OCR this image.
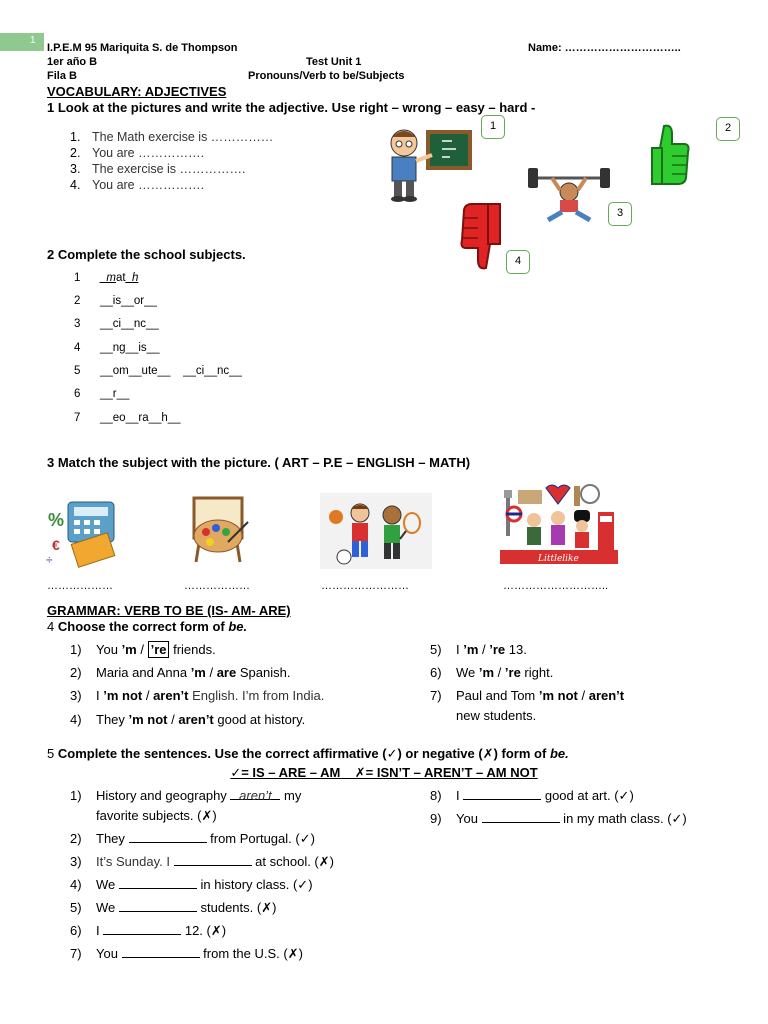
1
I.P.E.M 95 Mariquita S. de Thompson	Name: …………………………..
1er año B	Test Unit 1
Fila B	Pronouns/Verb to be/Subjects
VOCABULARY: ADJECTIVES
1 Look at the pictures and write the adjective. Use right – wrong – easy – hard -
1. The Math exercise is ……………
2. You are …………….
3. The exercise is …………….
4. You are …………….
1	2
3
4
2 Complete the school subjects.
1 _mat_h
2 __is__or__
3 __ci__nc__
4 __ng__is__
5 __om__ute__    __ci__nc__
6 __r__
7 __eo__ra__h__
3 Match the subject with the picture. ( ART – P.E – ENGLISH – MATH)
%
€
÷	Littlelike
………………	………………	……………………	………………………..
GRAMMAR: VERB TO BE (IS- AM- ARE)
4 Choose the correct form of be.
1) You ’m / ’re friends.
2) Maria and Anna ’m / are Spanish.
3) I ’m not / aren’t English. I’m from India.
4) They ’m not / aren’t good at history.
5) I ’m / ’re 13.
6) We ’m / ’re right.
7) Paul and Tom ’m not / aren’t
new students.
5 Complete the sentences. Use the correct affirmative (✓) or negative (✗) form of be.
✓= IS – ARE – AM    ✗= ISN’T – AREN’T – AM NOT
1) History and geography aren’t my
favorite subjects. (✗)
2) They	from Portugal. (✓)
3) It’s Sunday. I	at school. (✗)
4) We	in history class. (✓)
5) We	students. (✗)
6) I	12. (✗)
7) You	from the U.S. (✗)
8) I	good at art. (✓)
9) You	in my math class. (✓)
